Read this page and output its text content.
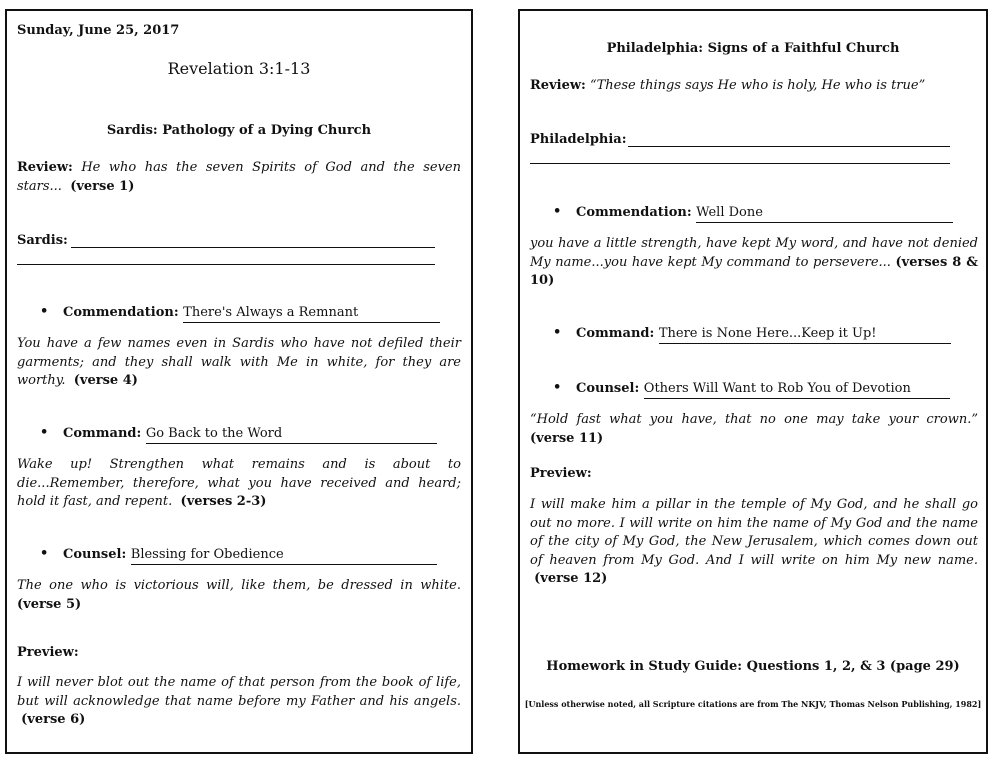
Sunday, June 25, 2017
Revelation 3:1-13
Sardis: Pathology of a Dying Church
Review: He who has the seven Spirits of God and the seven stars... (verse 1)
Sardis:
• Commendation: There's Always a Remnant
You have a few names even in Sardis who have not defiled their garments; and they shall walk with Me in white, for they are worthy. (verse 4)
• Command: Go Back to the Word
Wake up! Strengthen what remains and is about to die...Remember, therefore, what you have received and heard; hold it fast, and repent. (verses 2-3)
• Counsel: Blessing for Obedience
The one who is victorious will, like them, be dressed in white. (verse 5)
Preview:
I will never blot out the name of that person from the book of life, but will acknowledge that name before my Father and his angels.  (verse 6)
Philadelphia: Signs of a Faithful Church
Review: “These things says He who is holy, He who is true”
Philadelphia:
• Commendation: Well Done
you have a little strength, have kept My word, and have not denied My name...you have kept My command to persevere... (verses 8 & 10)
• Command: There is None Here...Keep it Up!
• Counsel: Others Will Want to Rob You of Devotion
“Hold fast what you have, that no one may take your crown.” (verse 11)
Preview:
I will make him a pillar in the temple of My God, and he shall go out no more. I will write on him the name of My God and the name of the city of My God, the New Jerusalem, which comes down out of heaven from My God. And I will write on him My new name.  (verse 12)
Homework in Study Guide: Questions 1, 2, & 3 (page 29)
[Unless otherwise noted, all Scripture citations are from The NKJV, Thomas Nelson Publishing, 1982]
